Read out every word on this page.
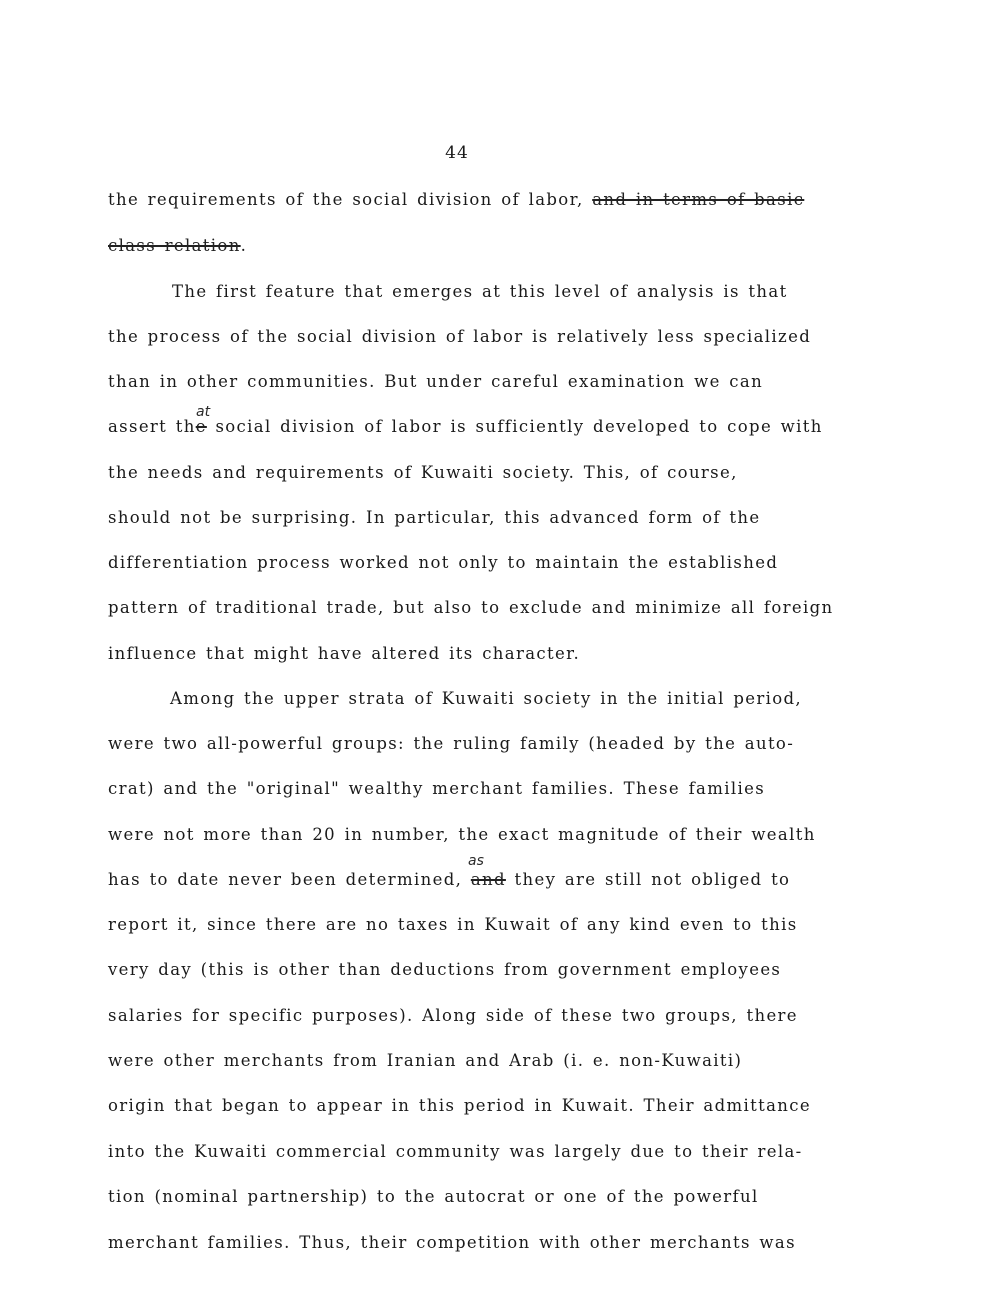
44
the requirements of the social division of labor, and in terms of basic
class relation.
The first feature that emerges at this level of analysis is that
the process of the social division of labor is relatively less specialized
than in other communities. But under careful examination we can
assert the social division of labor is sufficiently developed to cope with
at
the needs and requirements of Kuwaiti society. This, of course,
should not be surprising. In particular, this advanced form of the
differentiation process worked not only to maintain the established
pattern of traditional trade, but also to exclude and minimize all foreign
influence that might have altered its character.
Among the upper strata of Kuwaiti society in the initial period,
were two all-powerful groups: the ruling family (headed by the auto-
crat) and the "original" wealthy merchant families. These families
were not more than 20 in number, the exact magnitude of their wealth
as
has to date never been determined, and they are still not obliged to
report it, since there are no taxes in Kuwait of any kind even to this
very day (this is other than deductions from government employees
salaries for specific purposes). Along side of these two groups, there
were other merchants from Iranian and Arab (i. e. non-Kuwaiti)
origin that began to appear in this period in Kuwait. Their admittance
into the Kuwaiti commercial community was largely due to their rela-
tion (nominal partnership) to the autocrat or one of the powerful
merchant families. Thus, their competition with other merchants was
